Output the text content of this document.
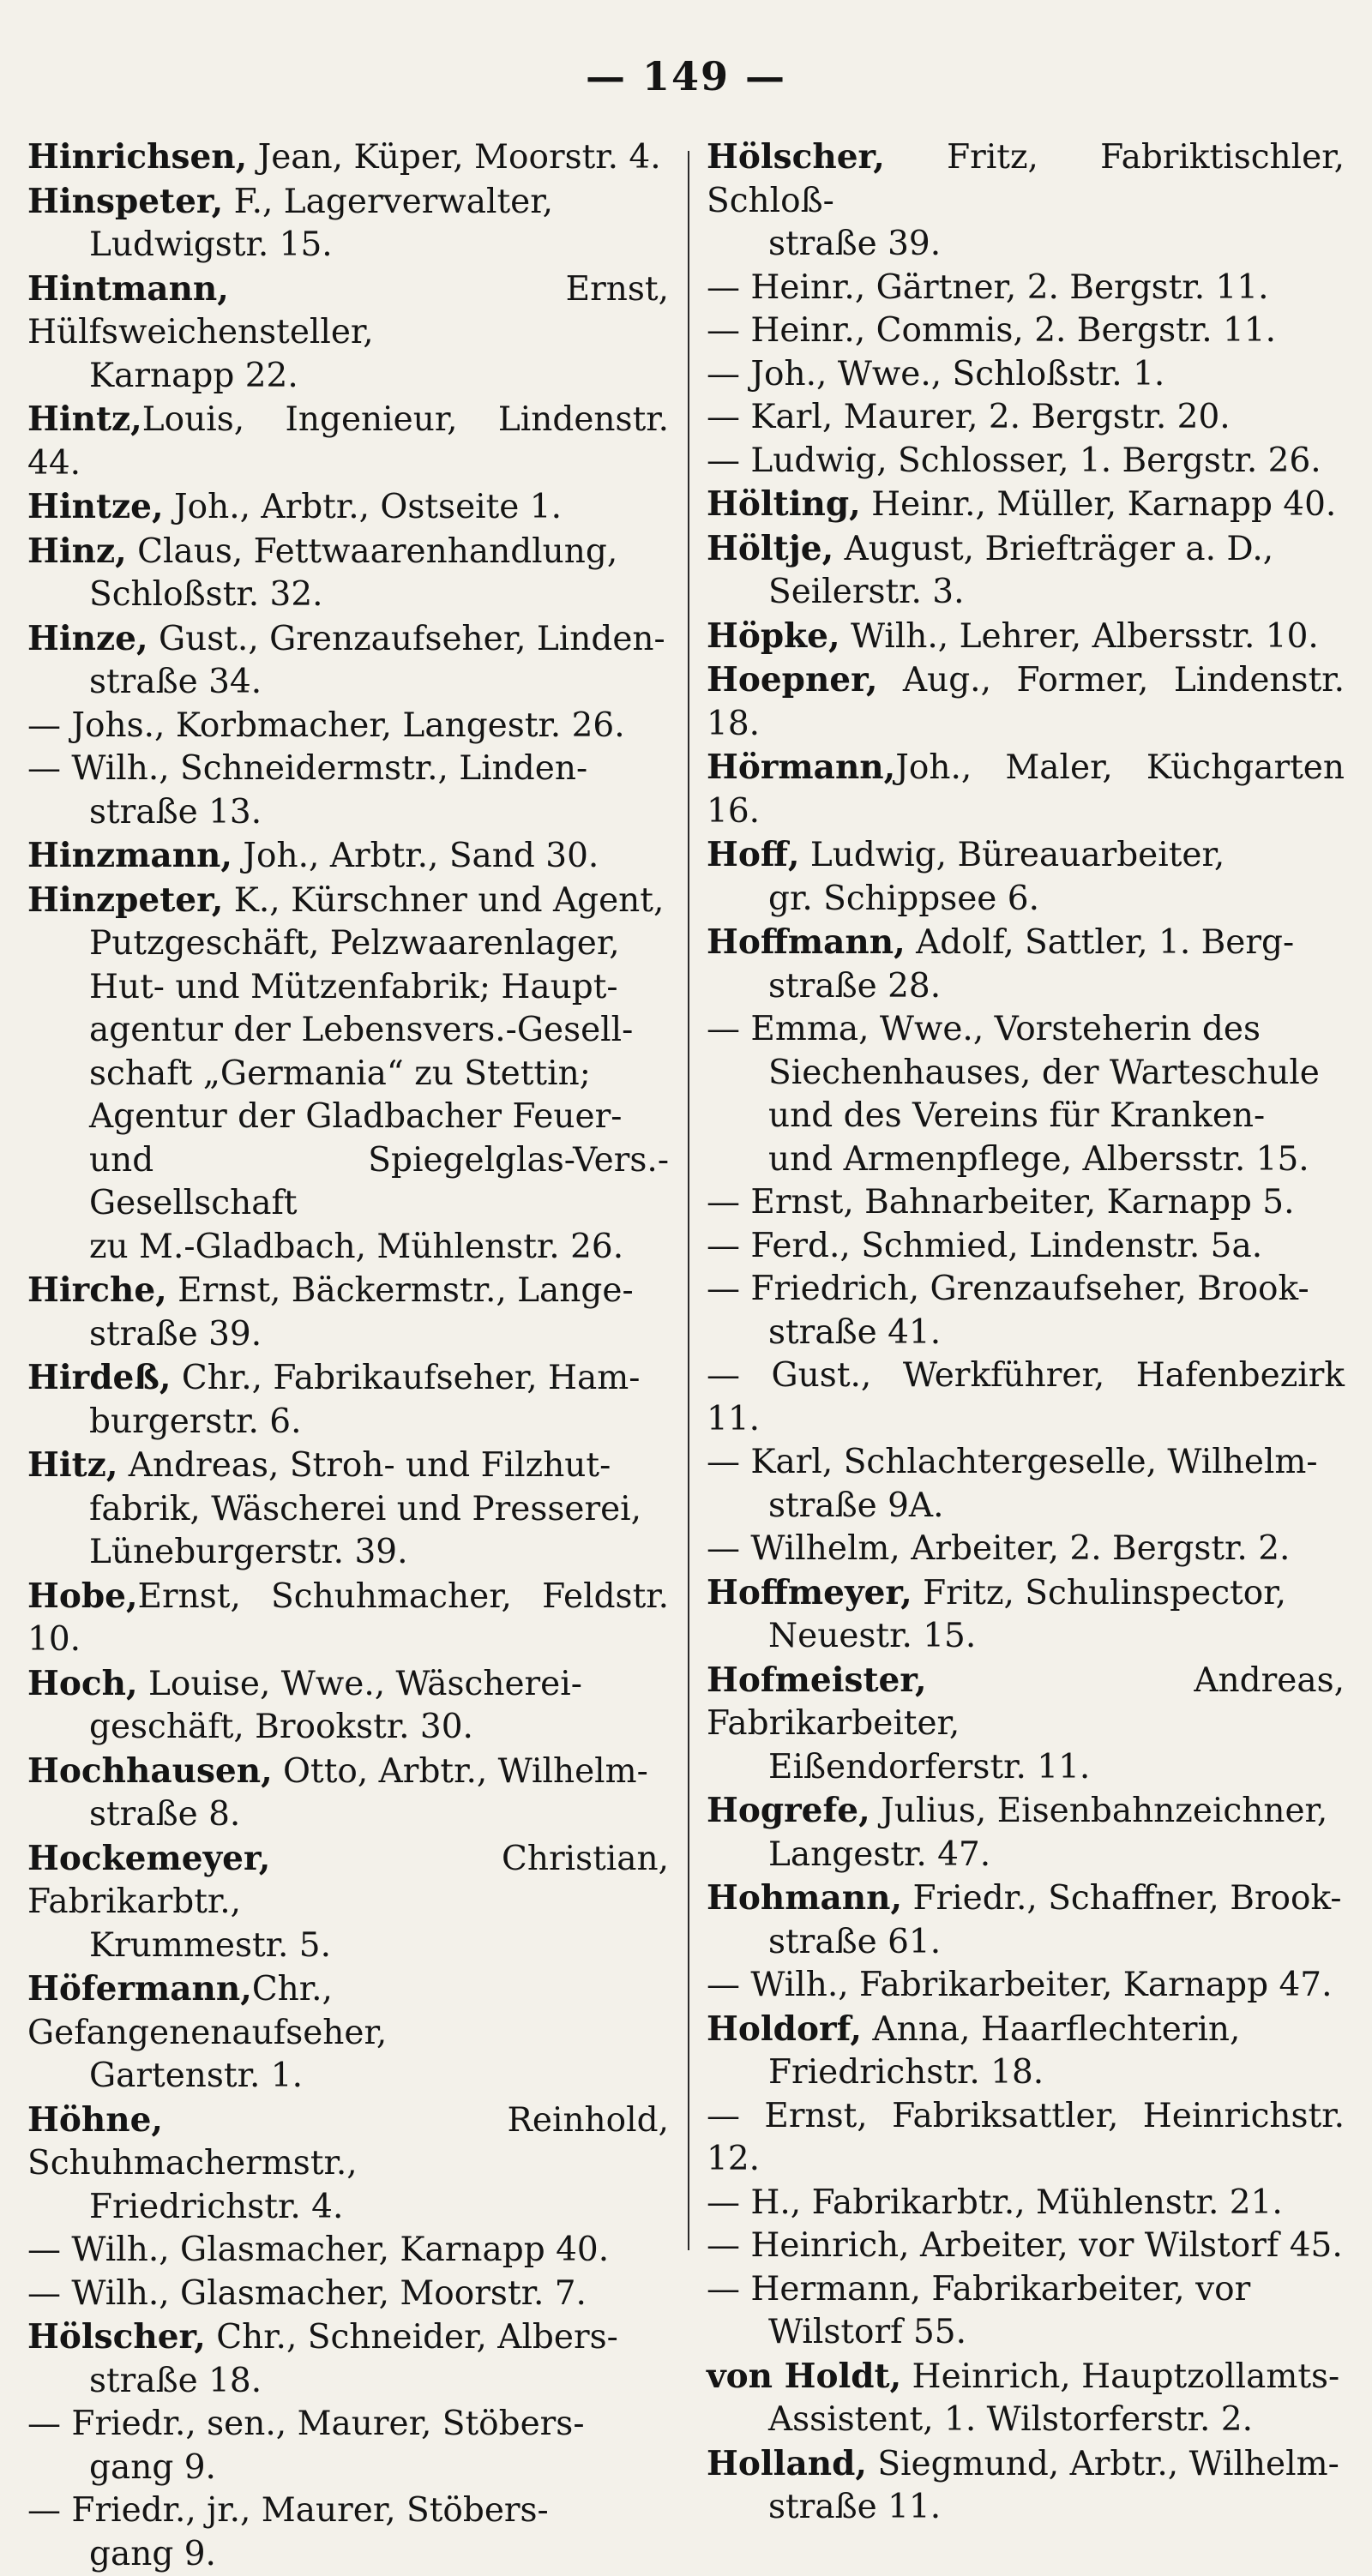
— 149 —
Hinrichsen, Jean, Küper, Moorstr. 4.
Hinspeter, F., Lagerverwalter,
Ludwigstr. 15.
Hintmann, Ernst, Hülfsweichensteller,
Karnapp 22.
Hintz,Louis, Ingenieur, Lindenstr. 44.
Hintze, Joh., Arbtr., Ostseite 1.
Hinz, Claus, Fettwaarenhandlung,
Schloßstr. 32.
Hinze, Gust., Grenzaufseher, Linden-
straße 34.
— Johs., Korbmacher, Langestr. 26.
— Wilh., Schneidermstr., Linden-
straße 13.
Hinzmann, Joh., Arbtr., Sand 30.
Hinzpeter, K., Kürschner und Agent,
Putzgeschäft, Pelzwaarenlager,
Hut- und Mützenfabrik; Haupt-
agentur der Lebensvers.-Gesell-
schaft „Germania“ zu Stettin;
Agentur der Gladbacher Feuer-
und Spiegelglas-Vers.-Gesellschaft
zu M.-Gladbach, Mühlenstr. 26.
Hirche, Ernst, Bäckermstr., Lange-
straße 39.
Hirdeß, Chr., Fabrikaufseher, Ham-
burgerstr. 6.
Hitz, Andreas, Stroh- und Filzhut-
fabrik, Wäscherei und Presserei,
Lüneburgerstr. 39.
Hobe,Ernst, Schuhmacher, Feldstr. 10.
Hoch, Louise, Wwe., Wäscherei-
geschäft, Brookstr. 30.
Hochhausen, Otto, Arbtr., Wilhelm-
straße 8.
Hockemeyer, Christian, Fabrikarbtr.,
Krummestr. 5.
Höfermann,Chr., Gefangenenaufseher,
Gartenstr. 1.
Höhne, Reinhold, Schuhmachermstr.,
Friedrichstr. 4.
— Wilh., Glasmacher, Karnapp 40.
— Wilh., Glasmacher, Moorstr. 7.
Hölscher, Chr., Schneider, Albers-
straße 18.
— Friedr., sen., Maurer, Stöbers-
gang 9.
— Friedr., jr., Maurer, Stöbers-
gang 9.
Hölscher, Fritz, Fabriktischler, Schloß-
straße 39.
— Heinr., Gärtner, 2. Bergstr. 11.
— Heinr., Commis, 2. Bergstr. 11.
— Joh., Wwe., Schloßstr. 1.
— Karl, Maurer, 2. Bergstr. 20.
— Ludwig, Schlosser, 1. Bergstr. 26.
Hölting, Heinr., Müller, Karnapp 40.
Höltje, August, Briefträger a. D.,
Seilerstr. 3.
Höpke, Wilh., Lehrer, Albersstr. 10.
Hoepner, Aug., Former, Lindenstr. 18.
Hörmann,Joh., Maler, Küchgarten 16.
Hoff, Ludwig, Büreauarbeiter,
gr. Schippsee 6.
Hoffmann, Adolf, Sattler, 1. Berg-
straße 28.
— Emma, Wwe., Vorsteherin des
Siechenhauses, der Warteschule
und des Vereins für Kranken-
und Armenpflege, Albersstr. 15.
— Ernst, Bahnarbeiter, Karnapp 5.
— Ferd., Schmied, Lindenstr. 5a.
— Friedrich, Grenzaufseher, Brook-
straße 41.
— Gust., Werkführer, Hafenbezirk 11.
— Karl, Schlachtergeselle, Wilhelm-
straße 9A.
— Wilhelm, Arbeiter, 2. Bergstr. 2.
Hoffmeyer, Fritz, Schulinspector,
Neuestr. 15.
Hofmeister, Andreas, Fabrikarbeiter,
Eißendorferstr. 11.
Hogrefe, Julius, Eisenbahnzeichner,
Langestr. 47.
Hohmann, Friedr., Schaffner, Brook-
straße 61.
— Wilh., Fabrikarbeiter, Karnapp 47.
Holdorf, Anna, Haarflechterin,
Friedrichstr. 18.
— Ernst, Fabriksattler, Heinrichstr. 12.
— H., Fabrikarbtr., Mühlenstr. 21.
— Heinrich, Arbeiter, vor Wilstorf 45.
— Hermann, Fabrikarbeiter, vor
Wilstorf 55.
von Holdt, Heinrich, Hauptzollamts-
Assistent, 1. Wilstorferstr. 2.
Holland, Siegmund, Arbtr., Wilhelm-
straße 11.
